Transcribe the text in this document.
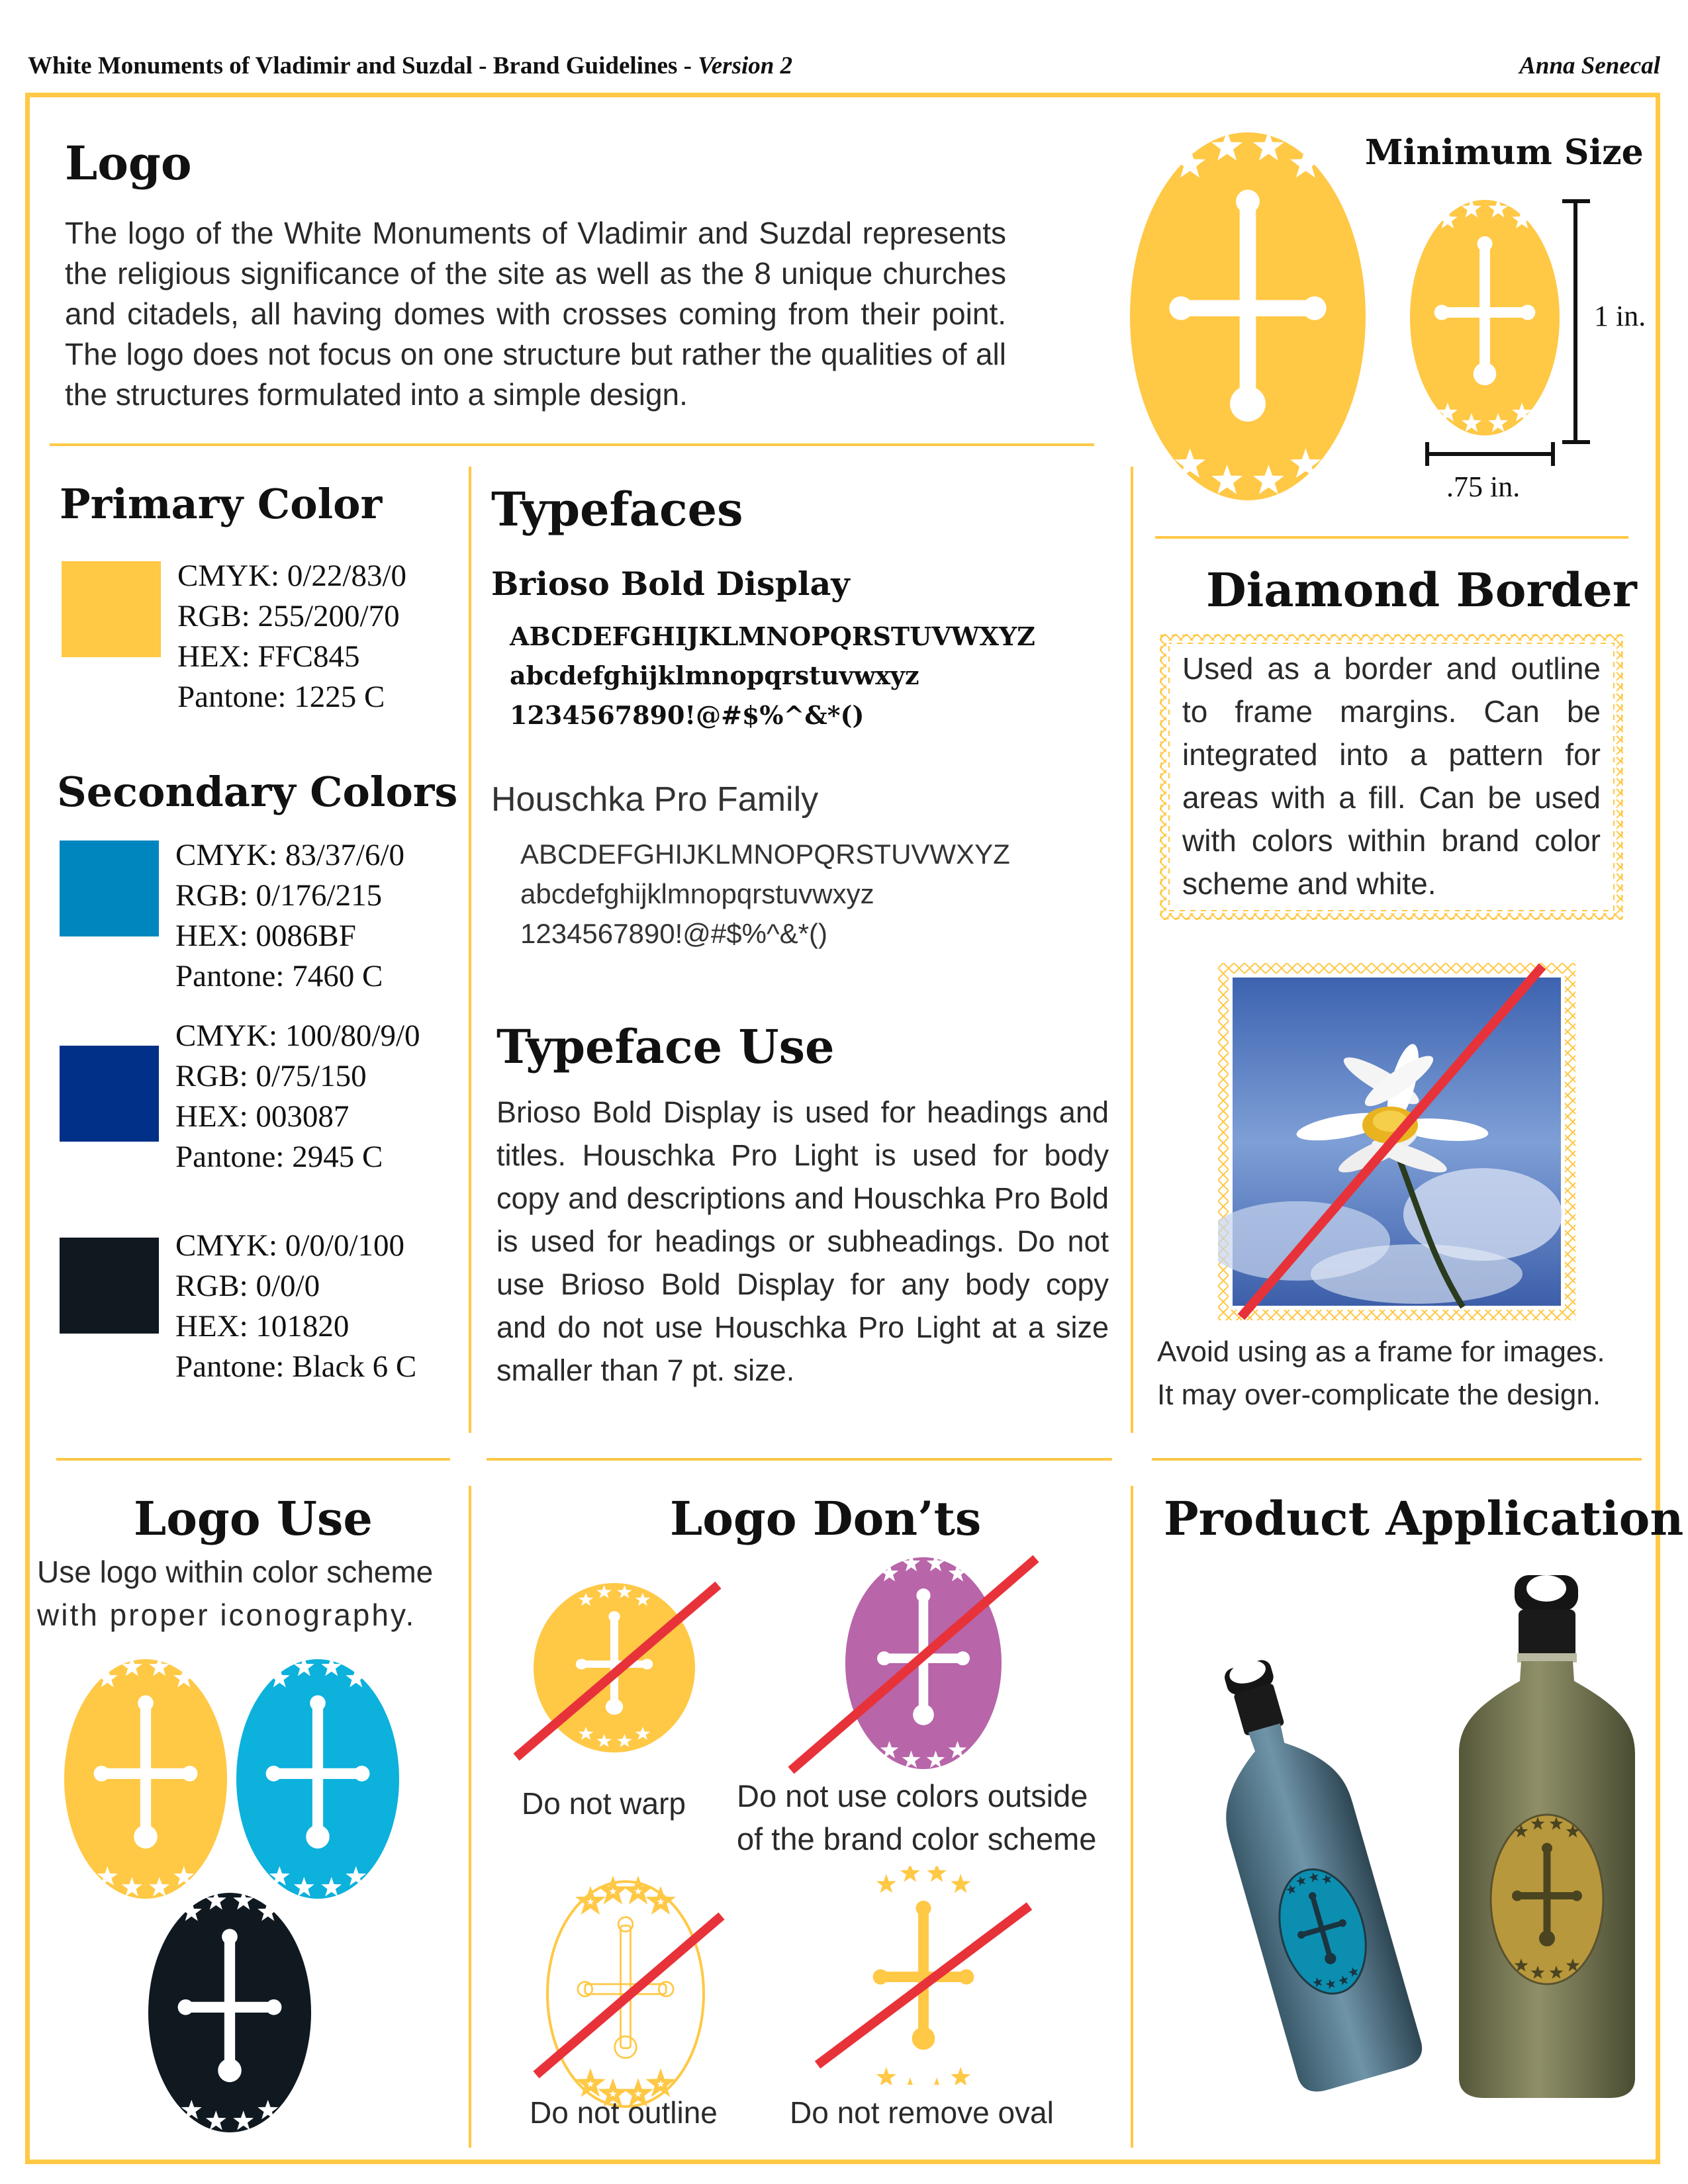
White Monuments of Vladimir and Suzdal - Brand Guidelines - Version 2	Anna Senecal
Logo
The logo of the White Monuments of Vladimir and Suzdal represents the religious significance of the site as well as the 8 unique churches and citadels, all having domes with crosses coming from their point. The logo does not focus on one structure but rather the qualities of all the structures formulated into a simple design.
Minimum Size
1 in.
.75 in.
Primary Color
CMYK: 0/22/83/0
RGB: 255/200/70
HEX: FFC845
Pantone: 1225 C
Secondary Colors
CMYK: 83/37/6/0
RGB: 0/176/215
HEX: 0086BF
Pantone: 7460 C
CMYK: 100/80/9/0
RGB: 0/75/150
HEX: 003087
Pantone: 2945 C
CMYK: 0/0/0/100
RGB: 0/0/0
HEX: 101820
Pantone: Black 6 C
Typefaces
Brioso Bold Display
ABCDEFGHIJKLMNOPQRSTUVWXYZ
abcdefghijklmnopqrstuvwxyz
1234567890!@#$%^&*()
Houschka Pro Family
ABCDEFGHIJKLMNOPQRSTUVWXYZ
abcdefghijklmnopqrstuvwxyz
1234567890!@#$%^&*()
Typeface Use
Brioso Bold Display is used for headings and titles. Houschka Pro Light is used for body copy and descriptions and Houschka Pro Bold is used for headings or subheadings. Do not use Brioso Bold Display for any body copy and do not use Houschka Pro Light at a size smaller than 7 pt. size.
Diamond Border
Used as a border and outline to frame margins. Can be integrated into a pattern for areas with a fill. Can be used with colors within brand color scheme and white.
Avoid using as a frame for images.
It may over-complicate the design.
Logo Use
Use logo within color scheme
with proper iconography.
Logo Don’ts
Do not warp Do not use colors outside
of the brand color scheme
Do not outline Do not remove oval
Product Application
